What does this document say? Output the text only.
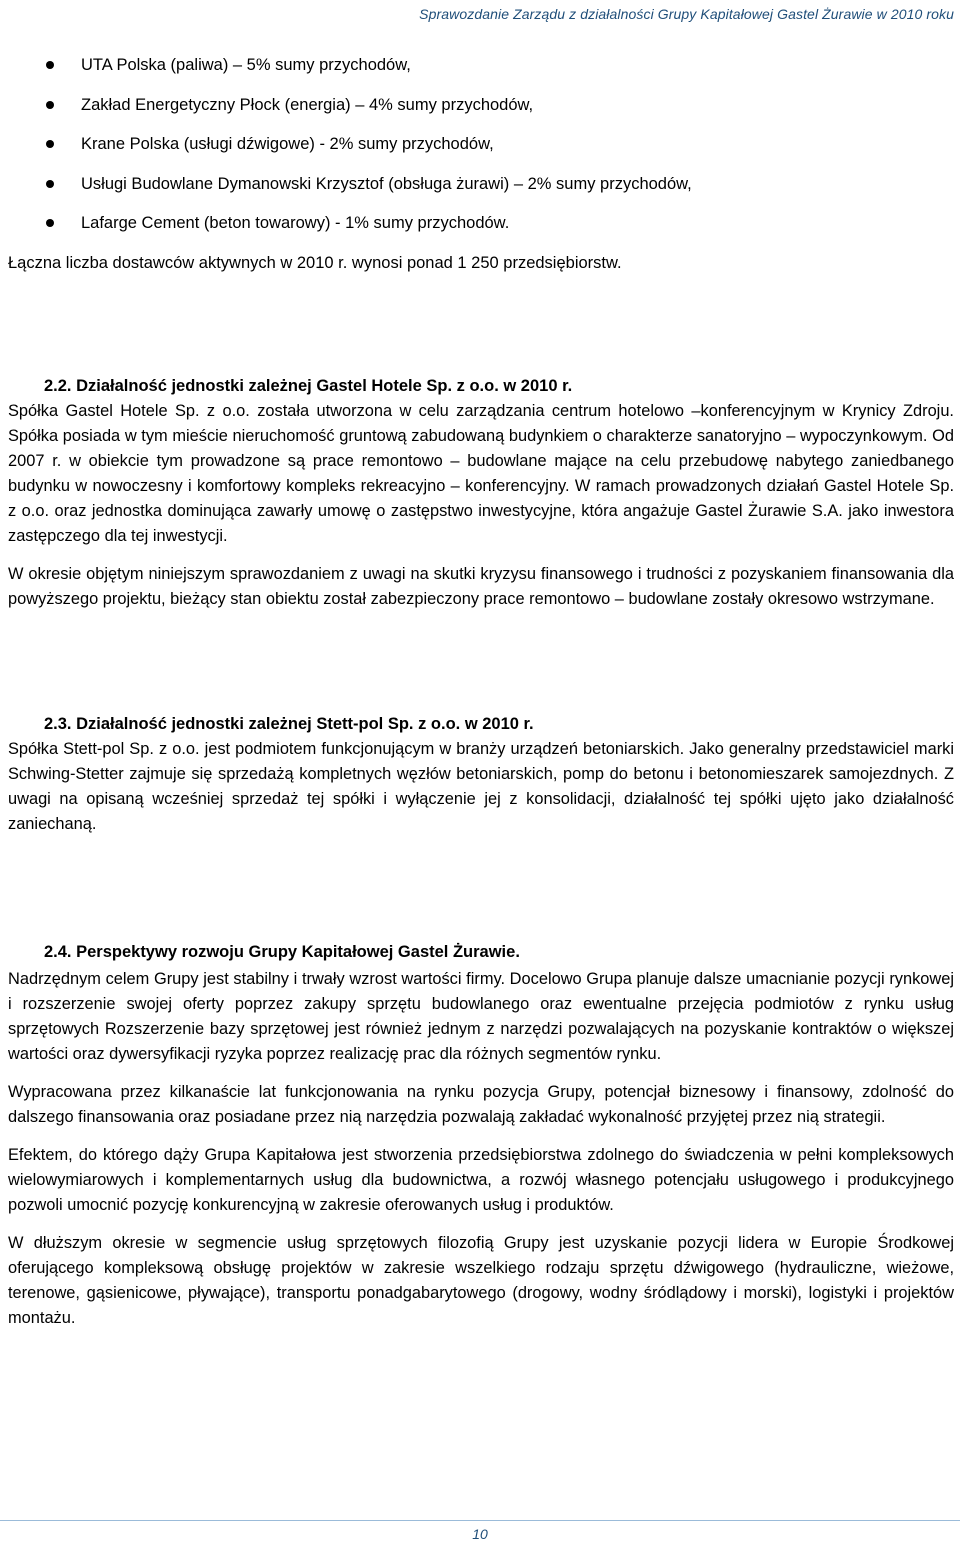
Sprawozdanie Zarządu z działalności Grupy Kapitałowej Gastel Żurawie w 2010 roku
UTA Polska (paliwa) – 5% sumy przychodów,
Zakład Energetyczny Płock (energia) – 4% sumy przychodów,
Krane Polska (usługi dźwigowe) - 2% sumy przychodów,
Usługi Budowlane Dymanowski Krzysztof (obsługa żurawi) – 2% sumy przychodów,
Lafarge Cement (beton towarowy) - 1% sumy przychodów.

Łączna liczba dostawców aktywnych w 2010 r. wynosi ponad 1 250 przedsiębiorstw.

2.2. Działalność jednostki zależnej Gastel Hotele Sp. z o.o. w 2010 r.

Spółka Gastel Hotele Sp. z o.o. została utworzona w celu zarządzania centrum hotelowo –konferencyjnym w Krynicy Zdroju. Spółka posiada w tym mieście nieruchomość gruntową zabudowaną budynkiem o charakterze sanatoryjno – wypoczynkowym. Od 2007 r. w obiekcie tym prowadzone są prace remontowo – budowlane mające na celu przebudowę nabytego zaniedbanego budynku w nowoczesny i komfortowy kompleks rekreacyjno – konferencyjny. W ramach prowadzonych działań Gastel Hotele Sp. z o.o. oraz jednostka dominująca zawarły umowę o zastępstwo inwestycyjne, która angażuje Gastel Żurawie S.A. jako inwestora zastępczego dla tej inwestycji.

W okresie objętym niniejszym sprawozdaniem z uwagi na skutki kryzysu finansowego i trudności z pozyskaniem finansowania dla powyższego projektu, bieżący stan obiektu został zabezpieczony prace remontowo – budowlane zostały okresowo wstrzymane.

2.3. Działalność jednostki zależnej Stett-pol Sp. z o.o. w 2010 r.

Spółka Stett-pol Sp. z o.o. jest podmiotem funkcjonującym w branży urządzeń betoniarskich. Jako generalny przedstawiciel marki Schwing-Stetter zajmuje się sprzedażą kompletnych węzłów betoniarskich, pomp do betonu i betonomieszarek samojezdnych. Z uwagi na opisaną wcześniej sprzedaż tej spółki i wyłączenie jej z konsolidacji, działalność tej spółki ujęto jako działalność zaniechaną.

2.4. Perspektywy rozwoju Grupy Kapitałowej Gastel Żurawie.

Nadrzędnym celem Grupy jest stabilny i trwały wzrost wartości firmy. Docelowo Grupa planuje dalsze umacnianie pozycji rynkowej i rozszerzenie swojej oferty poprzez zakupy sprzętu budowlanego oraz ewentualne przejęcia podmiotów z rynku usług sprzętowych Rozszerzenie bazy sprzętowej jest również jednym z narzędzi pozwalających na pozyskanie kontraktów o większej wartości oraz dywersyfikacji ryzyka poprzez realizację prac dla różnych segmentów rynku.

Wypracowana przez kilkanaście lat funkcjonowania na rynku pozycja Grupy, potencjał biznesowy i finansowy, zdolność do dalszego finansowania oraz posiadane przez nią narzędzia pozwalają zakładać wykonalność przyjętej przez nią strategii.

Efektem, do którego dąży Grupa Kapitałowa jest stworzenia przedsiębiorstwa zdolnego do świadczenia w pełni kompleksowych wielowymiarowych i komplementarnych usług dla budownictwa, a rozwój własnego potencjału usługowego i produkcyjnego pozwoli umocnić pozycję konkurencyjną w zakresie oferowanych usług i produktów.

W dłuższym okresie w segmencie usług sprzętowych filozofią Grupy jest uzyskanie pozycji lidera w Europie Środkowej oferującego kompleksową obsługę projektów w zakresie wszelkiego rodzaju sprzętu dźwigowego (hydrauliczne, wieżowe, terenowe, gąsienicowe, pływające), transportu ponadgabarytowego (drogowy, wodny śródlądowy i morski), logistyki i projektów montażu.

10
